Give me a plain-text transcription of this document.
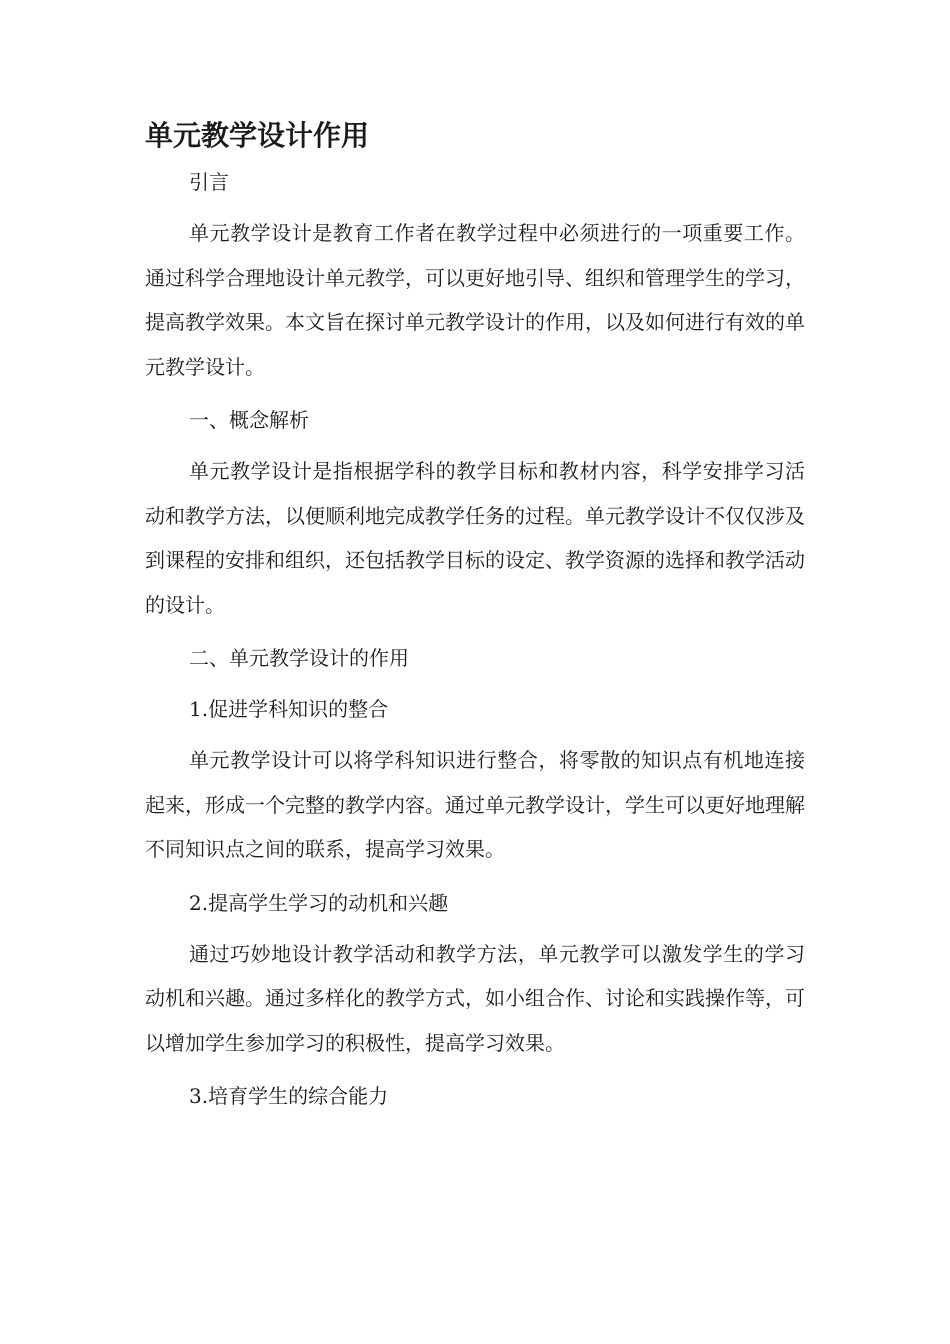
单元教学设计作用

引言

单元教学设计是教育工作者在教学过程中必须进行的一项重要工作。通过科学合理地设计单元教学，可以更好地引导、组织和管理学生的学习，提高教学效果。本文旨在探讨单元教学设计的作用，以及如何进行有效的单元教学设计。

一、概念解析

单元教学设计是指根据学科的教学目标和教材内容，科学安排学习活动和教学方法，以便顺利地完成教学任务的过程。单元教学设计不仅仅涉及到课程的安排和组织，还包括教学目标的设定、教学资源的选择和教学活动的设计。

二、单元教学设计的作用

1.促进学科知识的整合

单元教学设计可以将学科知识进行整合，将零散的知识点有机地连接起来，形成一个完整的教学内容。通过单元教学设计，学生可以更好地理解不同知识点之间的联系，提高学习效果。

2.提高学生学习的动机和兴趣

通过巧妙地设计教学活动和教学方法，单元教学可以激发学生的学习动机和兴趣。通过多样化的教学方式，如小组合作、讨论和实践操作等，可以增加学生参加学习的积极性，提高学习效果。

3.培育学生的综合能力
